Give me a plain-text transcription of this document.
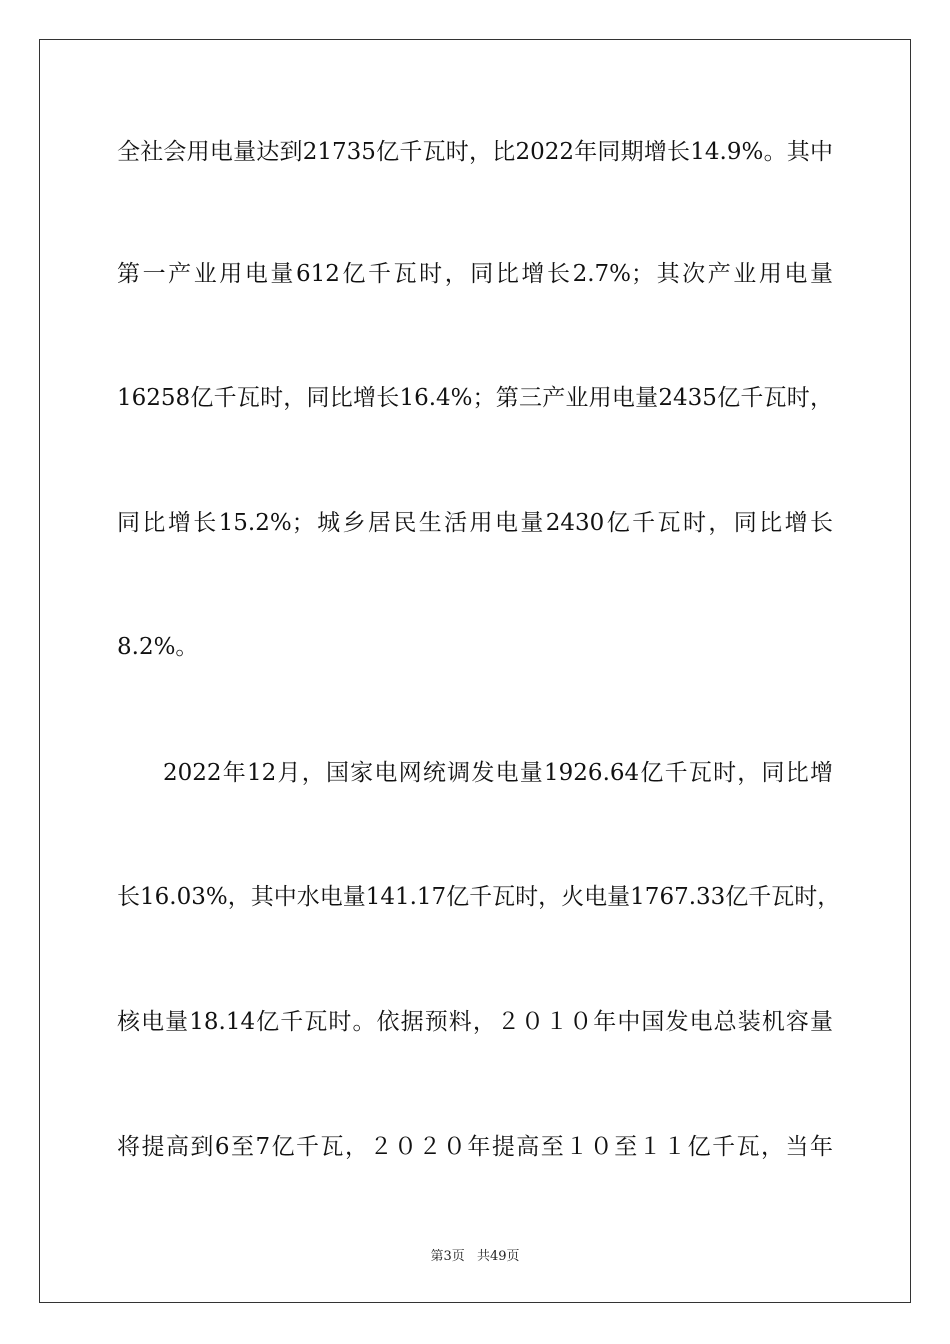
全社会用电量达到21735亿千瓦时，比2022年同期增长14.9%。其中
第一产业用电量612亿千瓦时，同比增长2.7%；其次产业用电量
16258亿千瓦时，同比增长16.4%；第三产业用电量2435亿千瓦时，
同比增长15.2%；城乡居民生活用电量2430亿千瓦时，同比增长
8.2%。
2022年12月，国家电网统调发电量1926.64亿千瓦时，同比增
长16.03%，其中水电量141.17亿千瓦时，火电量1767.33亿千瓦时，
核电量18.14亿千瓦时。依据预料，２０１０年中国发电总装机容量
将提高到6至7亿千瓦，２０２０年提高至１０至１１亿千瓦，当年
第3页 共49页
